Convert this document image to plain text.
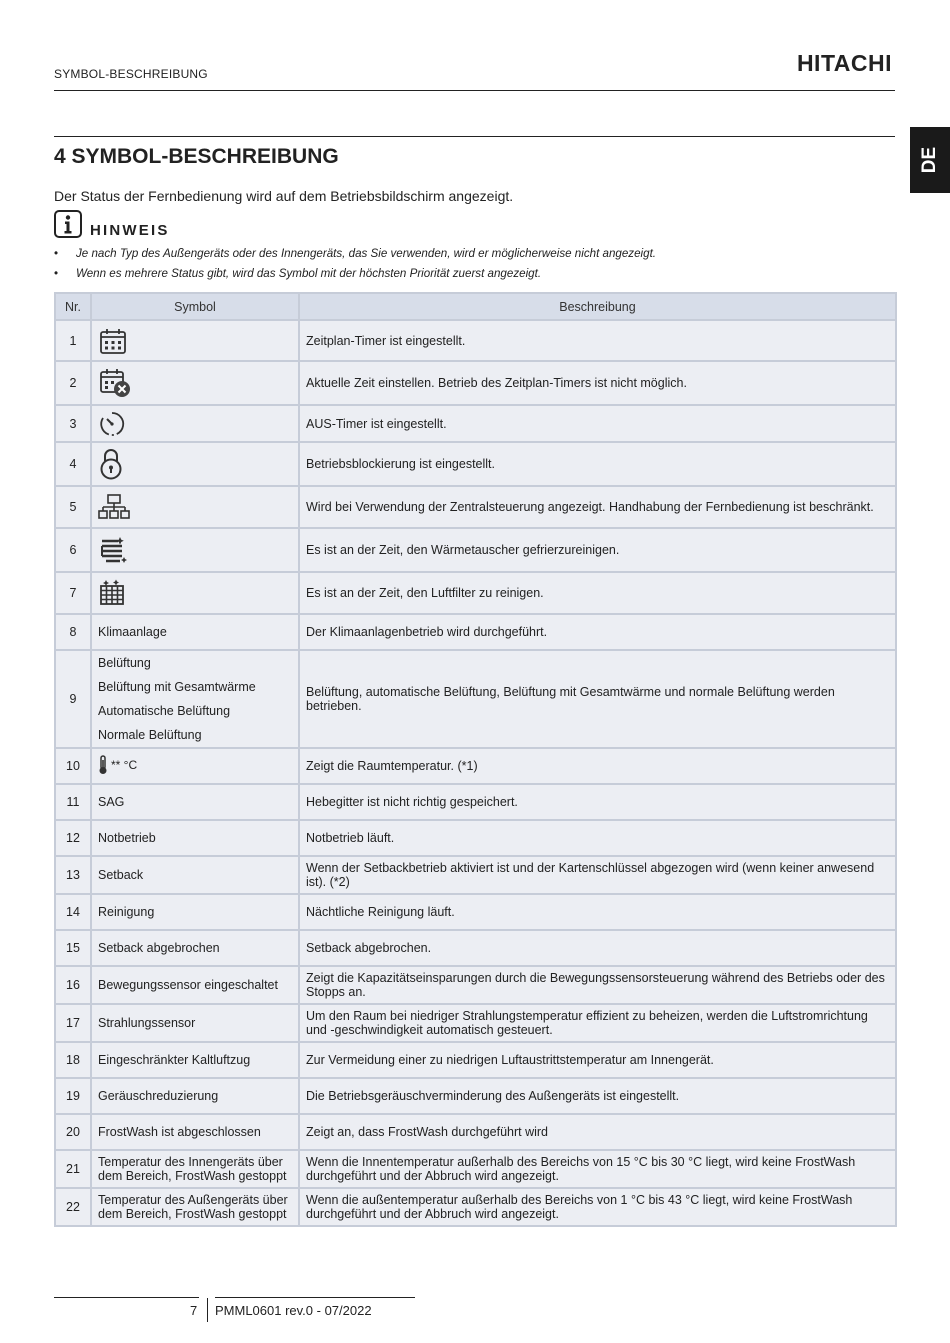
SYMBOL-BESCHREIBUNG	HITACHI
DE
4 SYMBOL-BESCHREIBUNG
Der Status der Fernbedienung wird auf dem Betriebsbildschirm angezeigt.
HINWEIS
• Je nach Typ des Außengeräts oder des Innengeräts, das Sie verwenden, wird er möglicherweise nicht angezeigt.
• Wenn es mehrere Status gibt, wird das Symbol mit der höchsten Priorität zuerst angezeigt.
Nr.	Symbol	Beschreibung
1		Zeitplan-Timer ist eingestellt.
2		Aktuelle Zeit einstellen. Betrieb des Zeitplan-Timers ist nicht möglich.
3		AUS-Timer ist eingestellt.
4		Betriebsblockierung ist eingestellt.
5		Wird bei Verwendung der Zentralsteuerung angezeigt. Handhabung der Fernbedienung ist beschränkt.
6		Es ist an der Zeit, den Wärmetauscher gefrierzureinigen.
7		Es ist an der Zeit, den Luftfilter zu reinigen.
8	Klimaanlage	Der Klimaanlagenbetrieb wird durchgeführt.
9	Belüftung
Belüftung mit Gesamtwärme
Automatische Belüftung
Normale Belüftung	Belüftung, automatische Belüftung, Belüftung mit Gesamtwärme und normale Belüftung werden betrieben.
10	** °C	Zeigt die Raumtemperatur. (*1)
11	SAG	Hebegitter ist nicht richtig gespeichert.
12	Notbetrieb	Notbetrieb läuft.
13	Setback	Wenn der Setbackbetrieb aktiviert ist und der Kartenschlüssel abgezogen wird (wenn keiner anwesend ist). (*2)
14	Reinigung	Nächtliche Reinigung läuft.
15	Setback abgebrochen	Setback abgebrochen.
16	Bewegungssensor eingeschaltet	Zeigt die Kapazitätseinsparungen durch die Bewegungssensorsteuerung während des Betriebs oder des Stopps an.
17	Strahlungssensor	Um den Raum bei niedriger Strahlungstemperatur effizient zu beheizen, werden die Luftstromrichtung und -geschwindigkeit automatisch gesteuert.
18	Eingeschränkter Kaltluftzug	Zur Vermeidung einer zu niedrigen Luftaustrittstemperatur am Innengerät.
19	Geräuschreduzierung	Die Betriebsgeräuschverminderung des Außengeräts ist eingestellt.
20	FrostWash ist abgeschlossen	Zeigt an, dass FrostWash durchgeführt wird
21	Temperatur des Innengeräts über dem Bereich, FrostWash gestoppt	Wenn die Innentemperatur außerhalb des Bereichs von 15 °C bis 30 °C liegt, wird keine FrostWash durchgeführt und der Abbruch wird angezeigt.
22	Temperatur des Außengeräts über dem Bereich, FrostWash gestoppt	Wenn die außentemperatur außerhalb des Bereichs von 1 °C bis 43 °C liegt, wird keine FrostWash durchgeführt und der Abbruch wird angezeigt.
7 PMML0601 rev.0 - 07/2022
